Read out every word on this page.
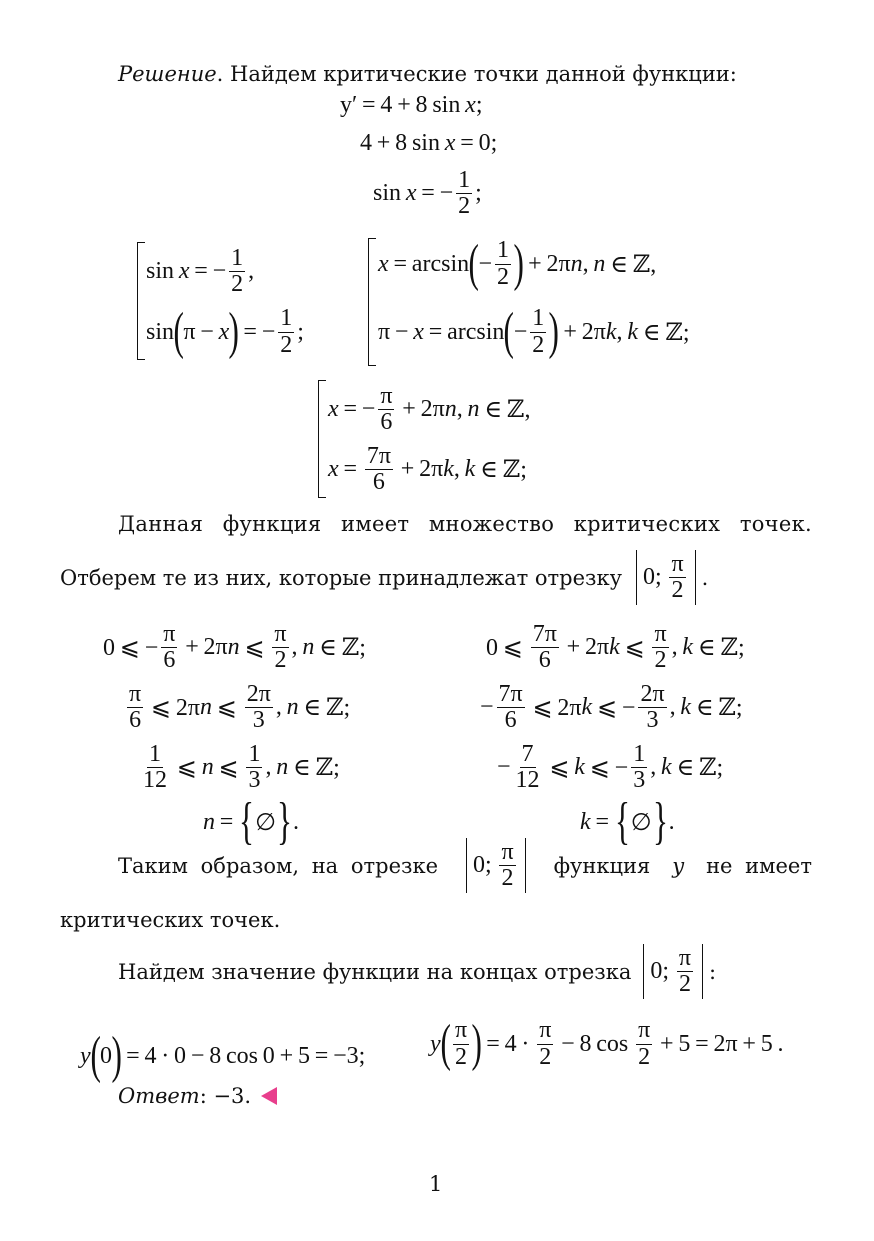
Решение . Найдем критические точки данной функции:
y ′ = 4 + 8 sin  x ;
4 + 8 sin  x  = 0;
sin  x  = − $\frac{1}{2}$ ;
sin  x  = − $\frac{1}{2}$ ,
sin ( π −  x )  = − $\frac{1}{2}$ ;
x  = arcsin ( − $\frac{1}{2}$ )  + 2π n ,  n  ∈ ℤ,
π −  x  = arcsin ( − $\frac{1}{2}$ )  + 2π k ,  k  ∈ ℤ;
x  = − $\frac{\pi}{6} + 2\pi$ n ,  n  ∈ ℤ,
$x = \frac{7\pi}{6} + 2\pi$ k ,  k  ∈ ℤ;
Данная функция имеет множество критических точек.
Отберем те из них, которые принадлежат отрезку 0;  $\frac{\pi}{2}$ .
0 ⩽ − $\frac{\pi}{6} + 2\pi$ n  ⩽  $\frac{\pi}{2}$ ,  n  ∈ ℤ;
$\frac{\pi}{6}$  ⩽ 2π n  ⩽  $\frac{2\pi}{3}$ ,  n  ∈ ℤ;
$\frac{1}{12}$  ⩽  n  ⩽  $\frac{1}{3}$ ,  n  ∈ ℤ;
n  =  { ∅ } .
0 ⩽  $\frac{7\pi}{6} + 2\pi$ k  ⩽  $\frac{\pi}{2}$ ,  k  ∈ ℤ;
− $\frac{7\pi}{6}$  ⩽ 2π k  ⩽ − $\frac{2\pi}{3}$ ,  k  ∈ ℤ;
− $\frac{7}{12}$  ⩽  k  ⩽ − $\frac{1}{3}$ ,  k  ∈ ℤ;
k  =  { ∅ } .
Таким образом, на отрезке 0;  $\frac{\pi}{2}$ функция y не имеет
критических точек.
Найдем значение функции на концах отрезка 0;  $\frac{\pi}{2}$ :
y ( 0 )  = 4 · 0 − 8 cos 0 + 5 = −3;	y ( $\frac{\pi}{2}$ )  = $4 \cdot \frac{\pi}{2} - 8$ $\cos \frac{\pi}{2} + 5 = 2\pi + 5$ .
Ответ : −3.
1
